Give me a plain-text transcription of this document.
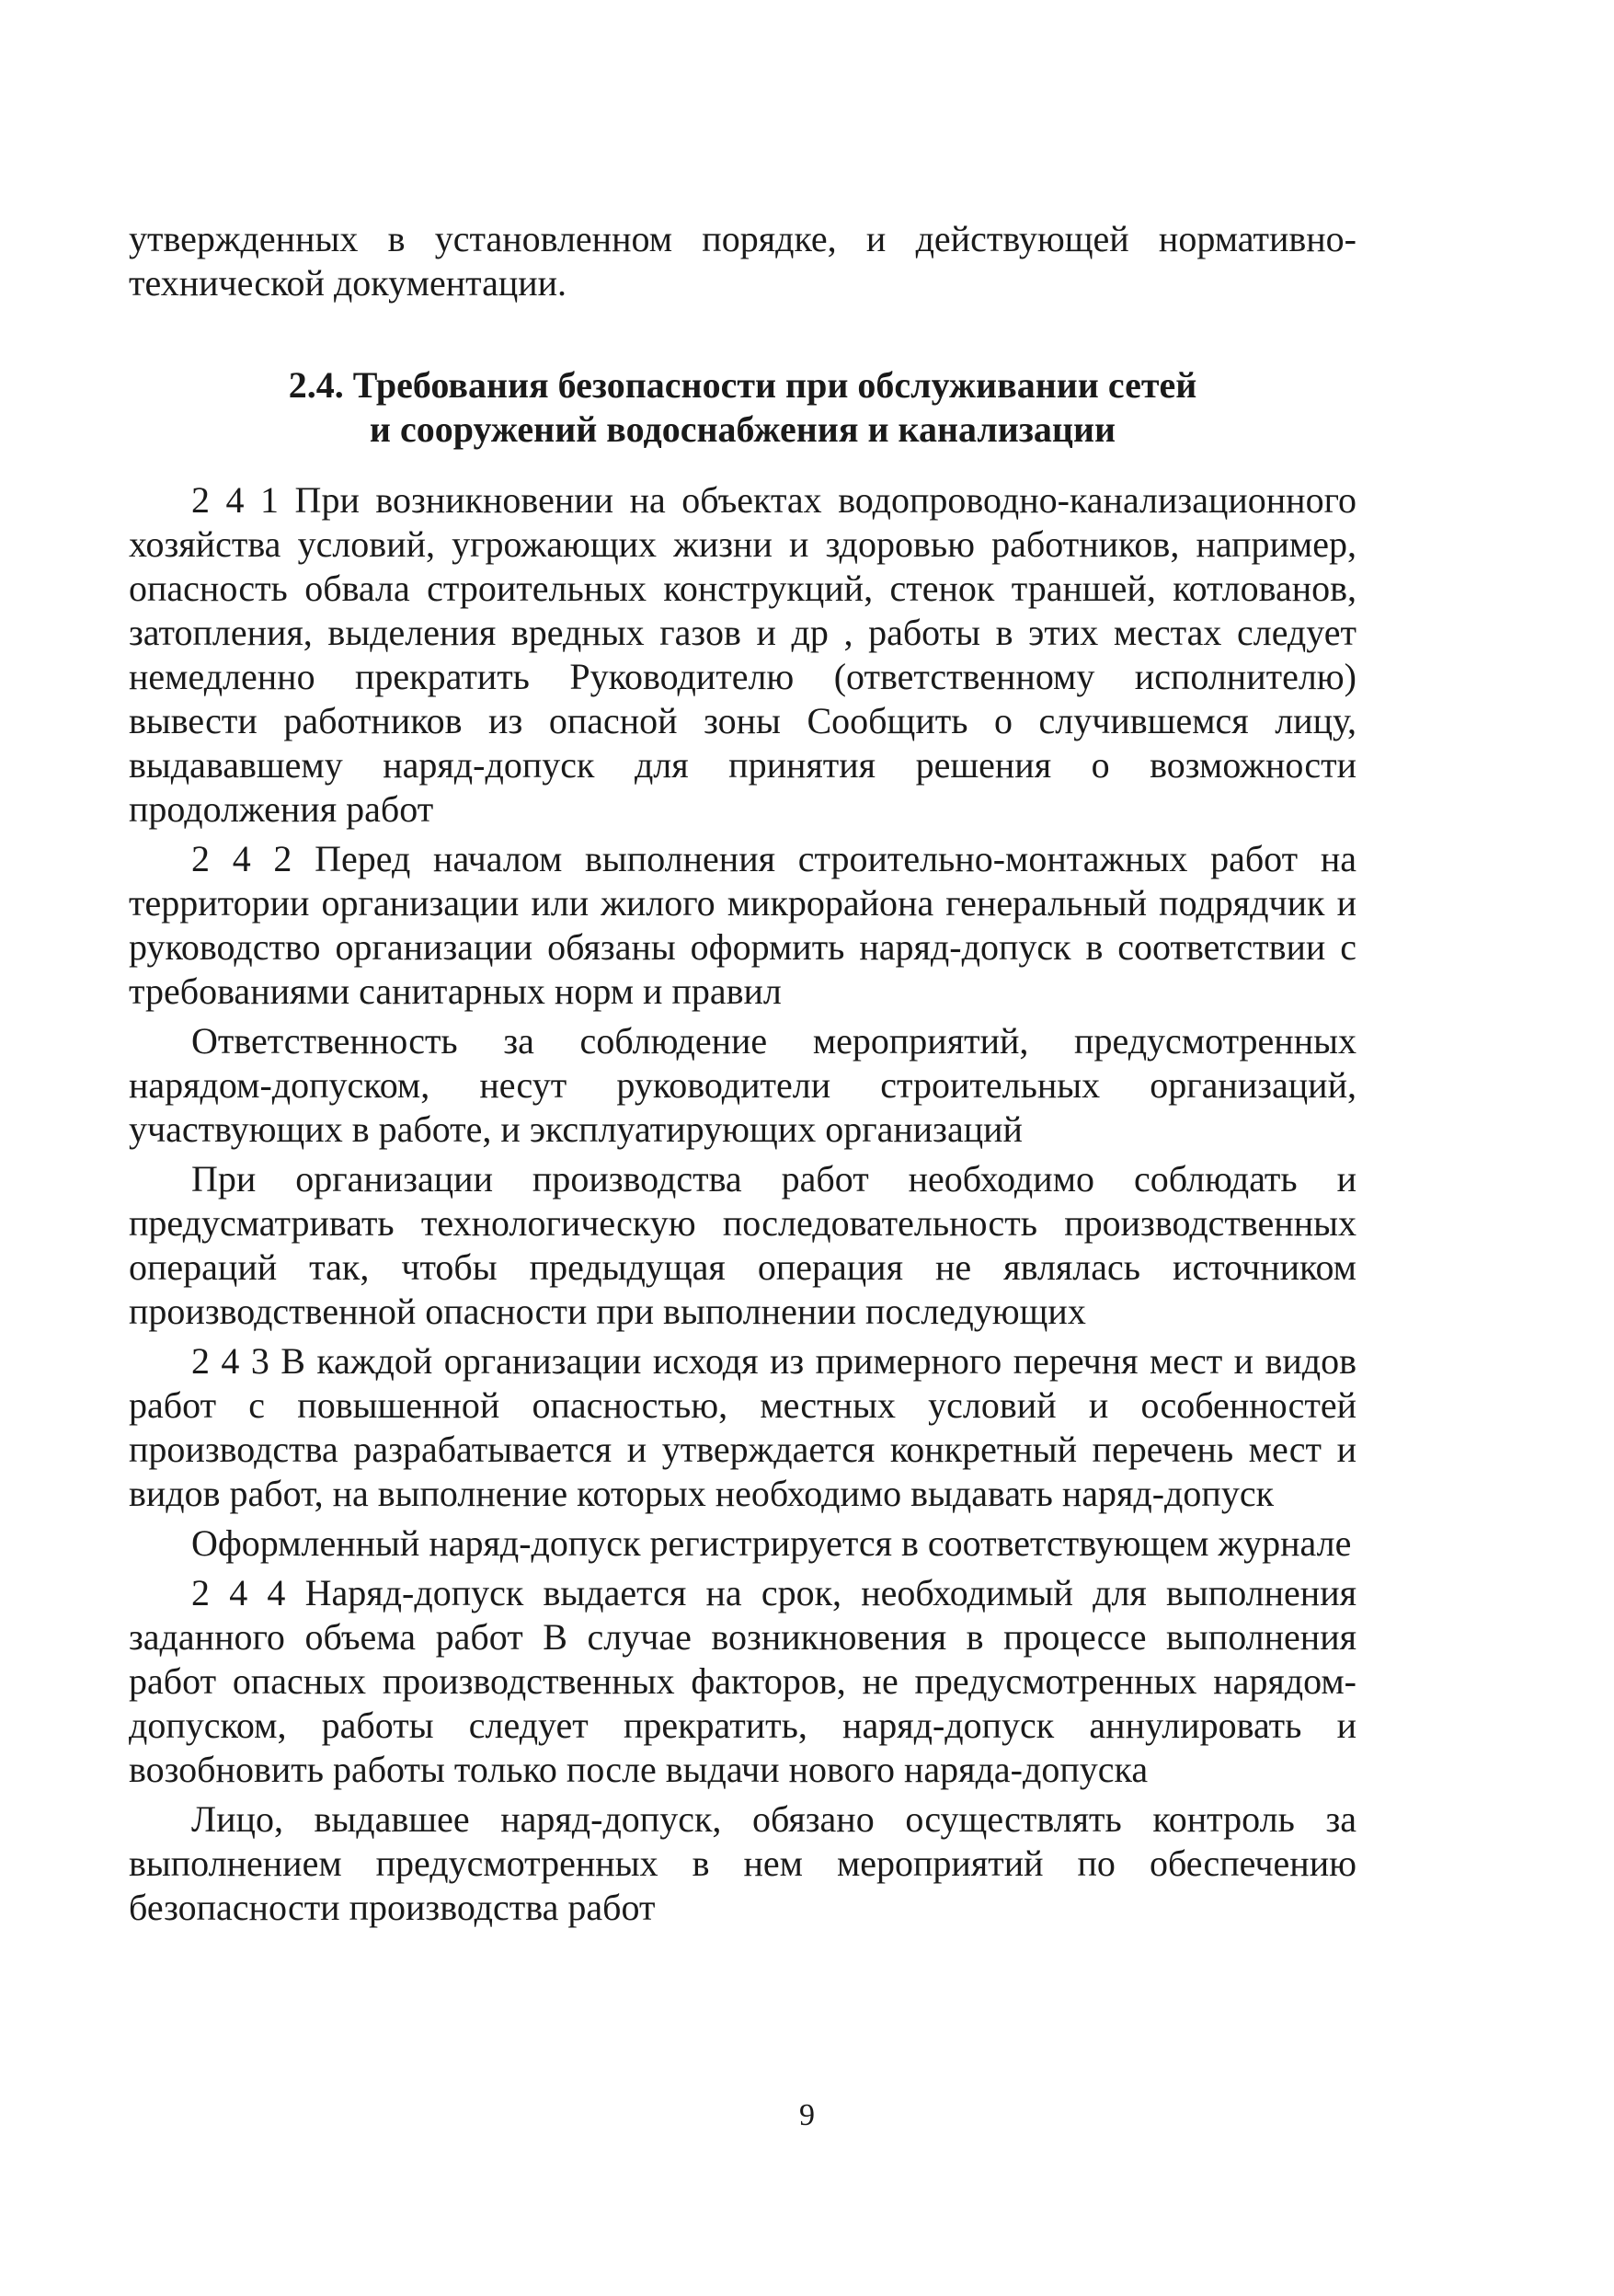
утвержденных в установленном порядке, и действующей нормативно-технической документации.
2.4. Требования безопасности при обслуживании сетей
и сооружений водоснабжения и канализации

2 4 1 При возникновении на объектах водопроводно-канализационного хозяйства условий, угрожающих жизни и здоровью работников, например, опасность обвала строительных конструкций, стенок траншей, котлованов, затопления, выделения вредных газов и др , работы в этих местах следует немедленно прекратить Руководителю (ответственному исполнителю) вывести работников из опасной зоны Сообщить о случившемся лицу, выдававшему наряд-допуск для принятия решения о возможности продолжения работ

2 4 2 Перед началом выполнения строительно-монтажных работ на территории организации или жилого микрорайона генеральный подрядчик и руководство организации обязаны оформить наряд-допуск в соответствии с требованиями санитарных норм и правил

Ответственность за соблюдение мероприятий, предусмотренных нарядом-допуском, несут руководители строительных организаций, участвующих в работе, и эксплуатирующих организаций

При организации производства работ необходимо соблюдать и предусматривать технологическую последовательность производственных операций так, чтобы предыдущая операция не являлась источником производственной опасности при выполнении последующих

2 4 3 В каждой организации исходя из примерного перечня мест и видов работ с повышенной опасностью, местных условий и особенностей производства разрабатывается и утверждается конкретный перечень мест и видов работ, на выполнение которых необходимо выдавать наряд-допуск

Оформленный наряд-допуск регистрируется в соответствующем журнале

2 4 4 Наряд-допуск выдается на срок, необходимый для выполнения заданного объема работ В случае возникновения в процессе выполнения работ опасных производственных факторов, не предусмотренных нарядом-допуском, работы следует прекратить, наряд-допуск аннулировать и возобновить работы только после выдачи нового наряда-допуска

Лицо, выдавшее наряд-допуск, обязано осуществлять контроль за выполнением предусмотренных в нем мероприятий по обеспечению безопасности производства работ

9
